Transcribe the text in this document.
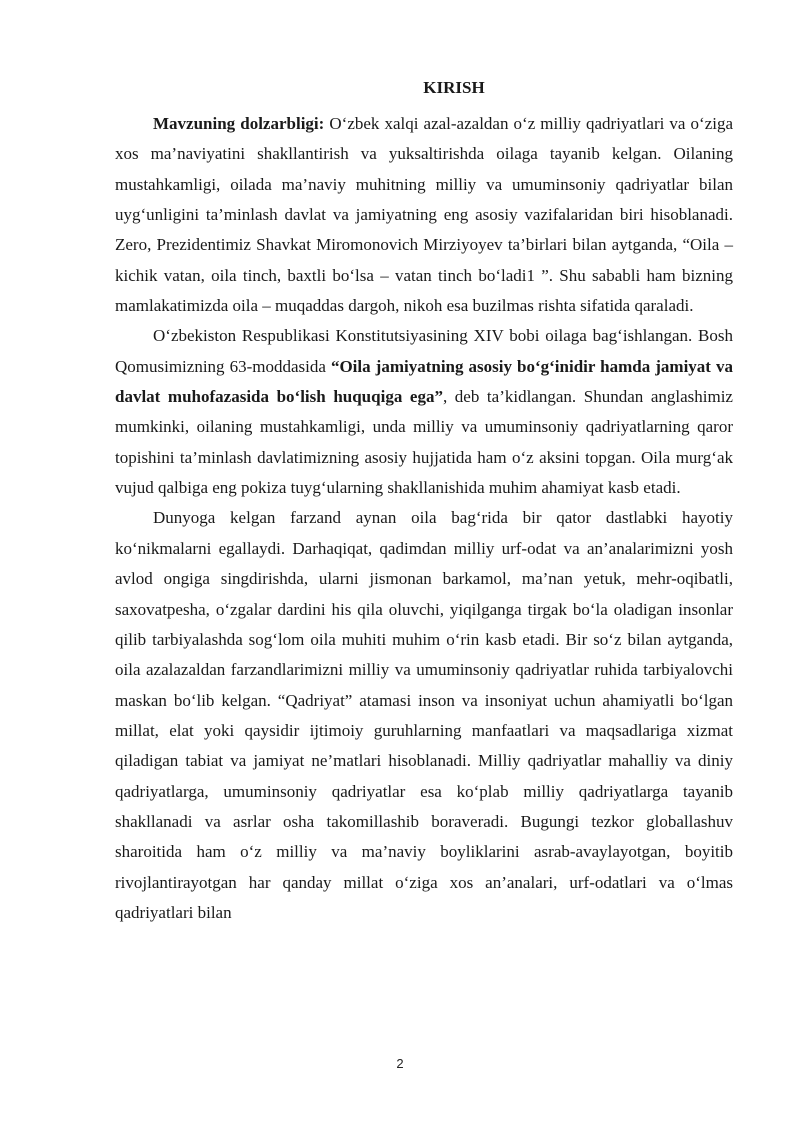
KIRISH

Mavzuning dolzarbligi: O‘zbek xalqi azal-azaldan o‘z milliy qadriyatlari va o‘ziga xos ma’naviyatini shakllantirish va yuksaltirishda oilaga tayanib kelgan. Oilaning mustahkamligi, oilada ma’naviy muhitning milliy va umuminsoniy qadriyatlar bilan uyg‘unligini ta’minlash davlat va jamiyatning eng asosiy vazifalaridan biri hisoblanadi. Zero, Prezidentimiz Shavkat Miromonovich Mirziyoyev ta’birlari bilan aytganda, “Oila –kichik vatan, oila tinch, baxtli bo‘lsa – vatan tinch bo‘ladi1 ”. Shu sababli ham bizning mamlakatimizda oila – muqaddas dargoh, nikoh esa buzilmas rishta sifatida qaraladi.

O‘zbekiston Respublikasi Konstitutsiyasining XIV bobi oilaga bag‘ishlangan. Bosh Qomusimizning 63-moddasida “Oila jamiyatning asosiy bo‘g‘inidir hamda jamiyat va davlat muhofazasida bo‘lish huquqiga ega”, deb ta’kidlangan. Shundan anglashimiz mumkinki, oilaning mustahkamligi, unda milliy va umuminsoniy qadriyatlarning qaror topishini ta’minlash davlatimizning asosiy hujjatida ham o‘z aksini topgan. Oila murg‘ak vujud qalbiga eng pokiza tuyg‘ularning shakllanishida muhim ahamiyat kasb etadi.

Dunyoga kelgan farzand aynan oila bag‘rida bir qator dastlabki hayotiy ko‘nikmalarni egallaydi. Darhaqiqat, qadimdan milliy urf-odat va an’analarimizni yosh avlod ongiga singdirishda, ularni jismonan barkamol, ma’nan yetuk, mehr-oqibatli, saxovatpesha, o‘zgalar dardini his qila oluvchi, yiqilganga tirgak bo‘la oladigan insonlar qilib tarbiyalashda sog‘lom oila muhiti muhim o‘rin kasb etadi. Bir so‘z bilan aytganda, oila azalazaldan farzandlarimizni milliy va umuminsoniy qadriyatlar ruhida tarbiyalovchi maskan bo‘lib kelgan. “Qadriyat” atamasi inson va insoniyat uchun ahamiyatli bo‘lgan millat, elat yoki qaysidir ijtimoiy guruhlarning manfaatlari va maqsadlariga xizmat qiladigan tabiat va jamiyat ne’matlari hisoblanadi. Milliy qadriyatlar mahalliy va diniy qadriyatlarga, umuminsoniy qadriyatlar esa ko‘plab milliy qadriyatlarga tayanib shakllanadi va asrlar osha takomillashib boraveradi. Bugungi tezkor globallashuv sharoitida ham o‘z milliy va ma’naviy boyliklarini asrab-avaylayotgan, boyitib rivojlantirayotgan har qanday millat o‘ziga xos an’analari, urf-odatlari va o‘lmas qadriyatlari bilan

2
